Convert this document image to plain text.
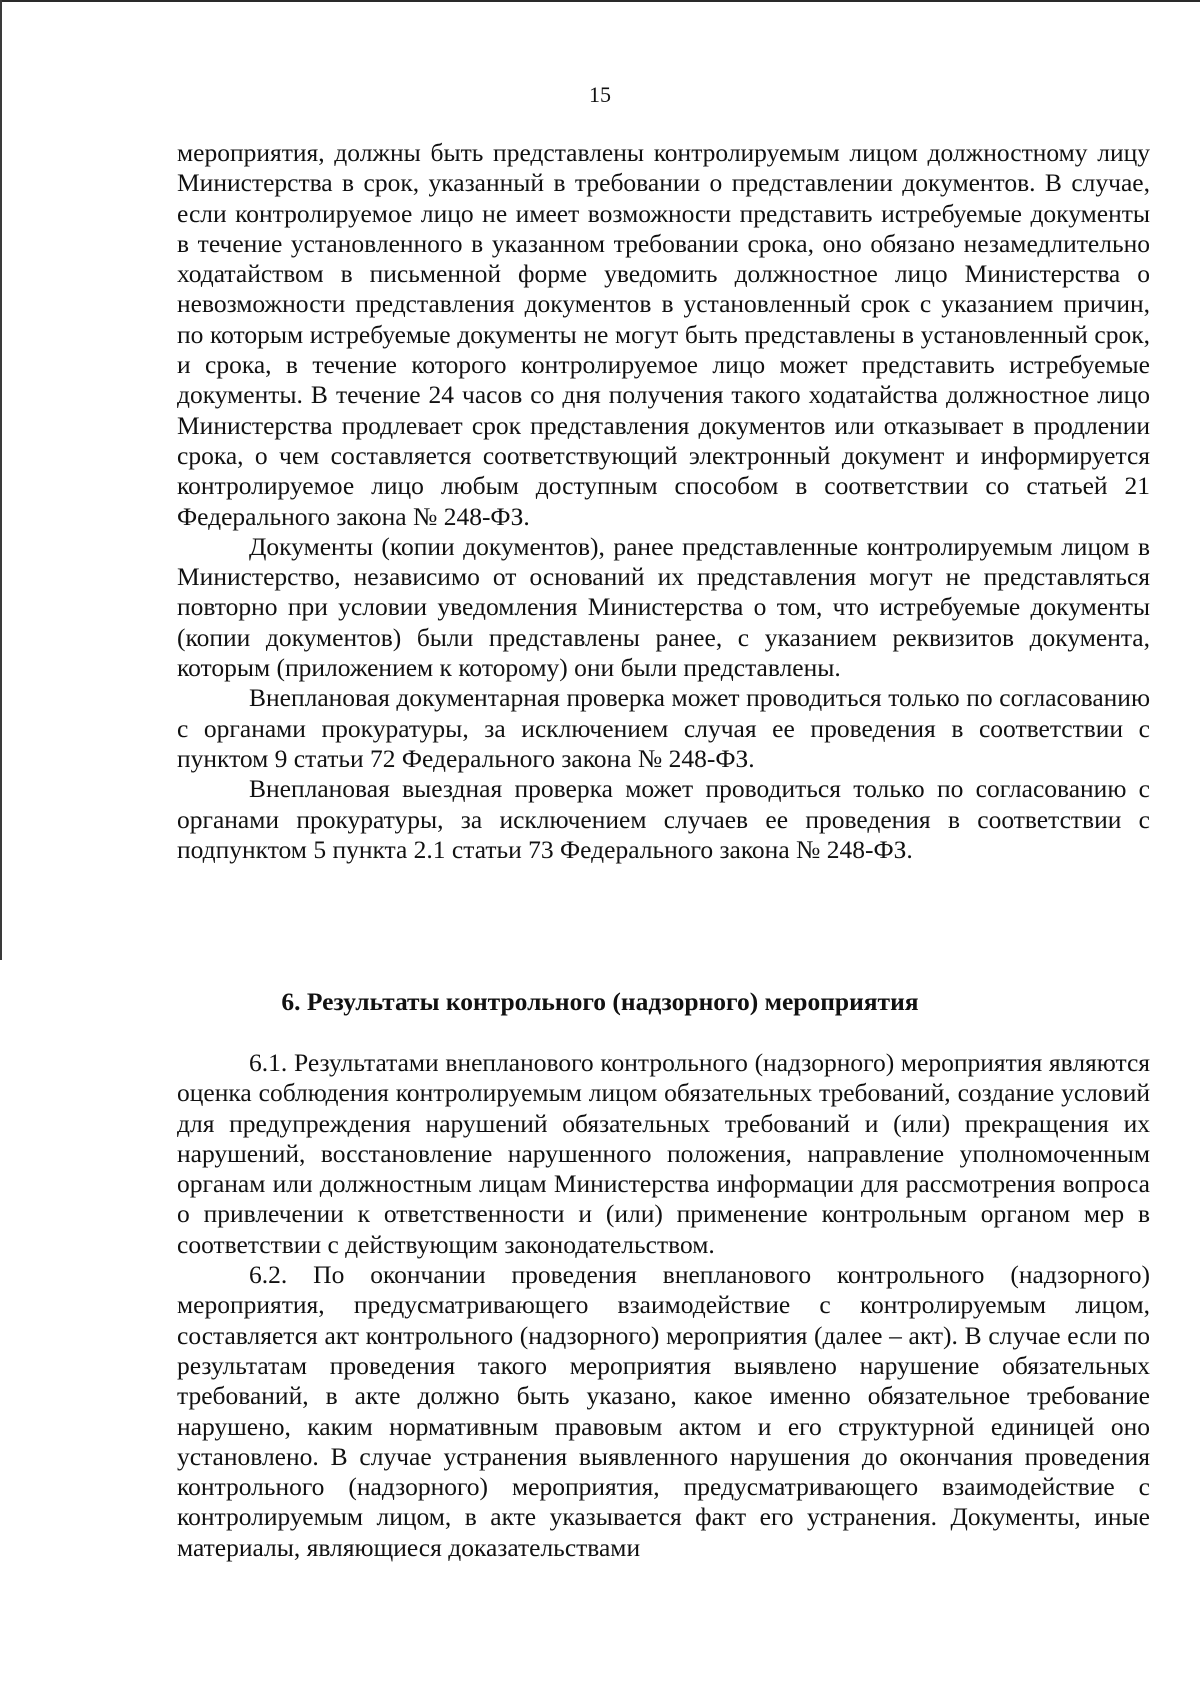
15

мероприятия, должны быть представлены контролируемым лицом должностному лицу Министерства в срок, указанный в требовании о представлении документов. В случае, если контролируемое лицо не имеет возможности представить истребуемые документы в течение установленного в указанном требовании срока, оно обязано незамедлительно ходатайством в письменной форме уведомить должностное лицо Министерства о невозможности представления документов в установленный срок с указанием причин, по которым истребуемые документы не могут быть представлены в установленный срок, и срока, в течение которого контролируемое лицо может представить истребуемые документы. В течение 24 часов со дня получения такого ходатайства должностное лицо Министерства продлевает срок представления документов или отказывает в продлении срока, о чем составляется соответствующий электронный документ и информируется контролируемое лицо любым доступным способом в соответствии со статьей 21 Федерального закона № 248-ФЗ.

Документы (копии документов), ранее представленные контролируемым лицом в Министерство, независимо от оснований их представления могут не представляться повторно при условии уведомления Министерства о том, что истребуемые документы (копии документов) были представлены ранее, с указанием реквизитов документа, которым (приложением к которому) они были представлены.

Внеплановая документарная проверка может проводиться только по согласованию с органами прокуратуры, за исключением случая ее проведения в соответствии с пунктом 9 статьи 72 Федерального закона № 248-ФЗ.

Внеплановая выездная проверка может проводиться только по согласованию с органами прокуратуры, за исключением случаев ее проведения в соответствии с подпунктом 5 пункта 2.1 статьи 73 Федерального закона № 248-ФЗ.

6. Результаты контрольного (надзорного) мероприятия

6.1. Результатами внепланового контрольного (надзорного) мероприятия являются оценка соблюдения контролируемым лицом обязательных требований, создание условий для предупреждения нарушений обязательных требований и (или) прекращения их нарушений, восстановление нарушенного положения, направление уполномоченным органам или должностным лицам Министерства информации для рассмотрения вопроса о привлечении к ответственности и (или) применение контрольным органом мер в соответствии с действующим законодательством.

6.2. По окончании проведения внепланового контрольного (надзорного) мероприятия, предусматривающего взаимодействие с контролируемым лицом, составляется акт контрольного (надзорного) мероприятия (далее – акт). В случае если по результатам проведения такого мероприятия выявлено нарушение обязательных требований, в акте должно быть указано, какое именно обязательное требование нарушено, каким нормативным правовым актом и его структурной единицей оно установлено. В случае устранения выявленного нарушения до окончания проведения контрольного (надзорного) мероприятия, предусматривающего взаимодействие с контролируемым лицом, в акте указывается факт его устранения. Документы, иные материалы, являющиеся доказательствами
